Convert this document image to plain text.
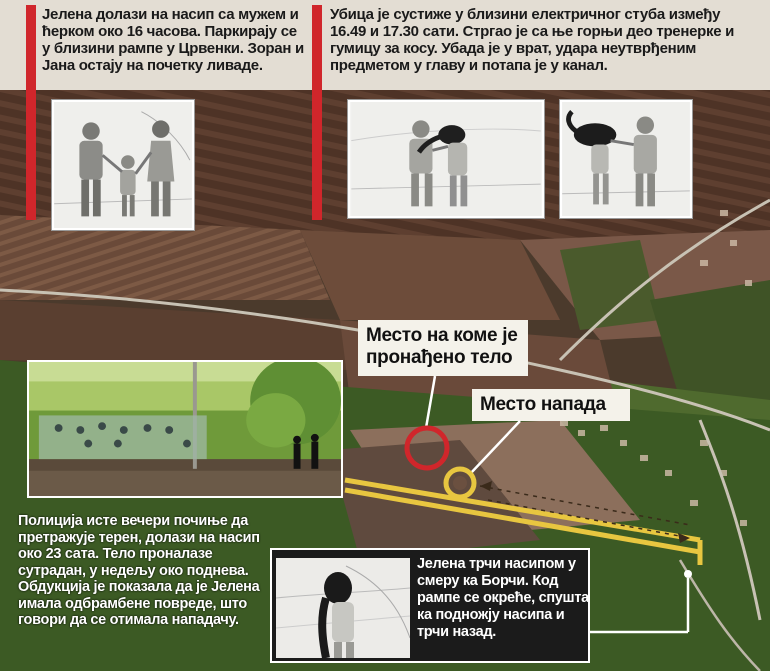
Јелена долази на насип са мужем и ћерком око 16 часова. Паркирају се у близини рампе у Црвенки. Зоран и Јана остају на почетку ливаде.
Убица је сустиже у близини електричног стуба између 16.49 и 17.30 сати. Стргао је са ње горњи део тренерке и гумицу за косу. Убада је у врат, удара неутврђеним предметом у главу и потапа је у канал.
Полиција исте вечери почиње да претражује терен, долази на насип око 23 сата. Тело проналазе сутрадан, у недељу око поднева. Обдукција је показала да је Јелена имала одбрамбене повреде, што говори да се отимала нападачу.
Место на коме је пронађено тело
Место напада
Јелена трчи насипом у смеру ка Борчи. Код рампе се окреће, спушта ка подножју насипа и трчи назад.
